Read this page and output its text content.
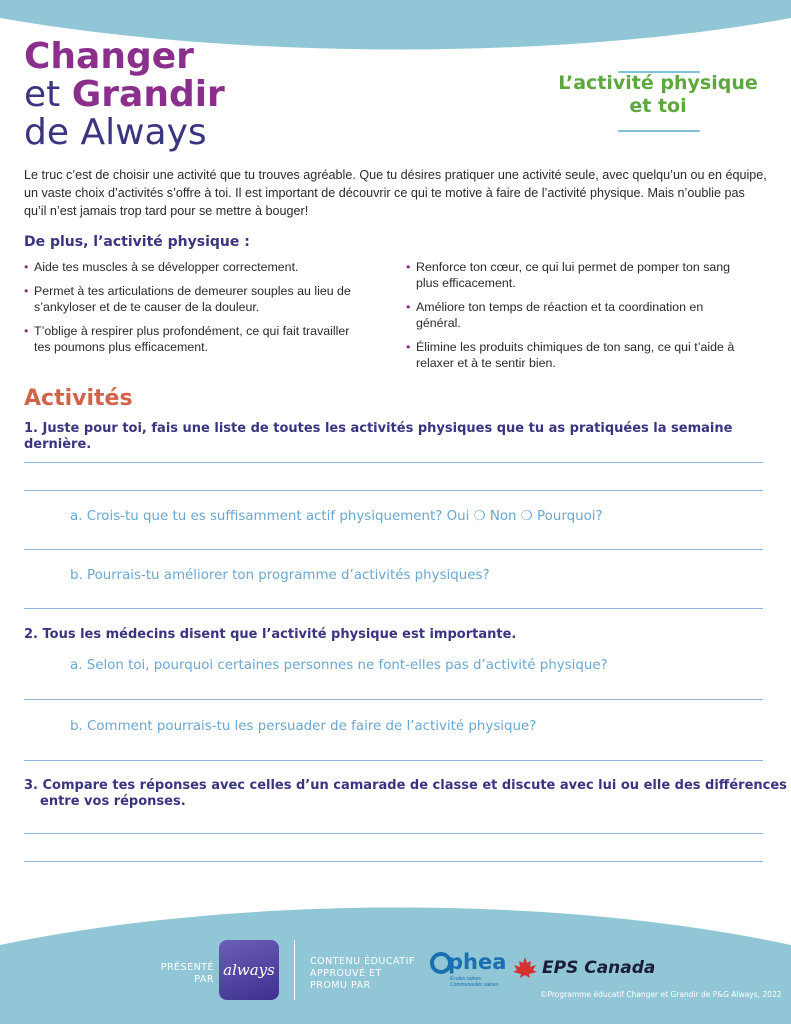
Changer
et Grandir
de Always
L’activité physique
et toi
Le truc c’est de choisir une activité que tu trouves agréable. Que tu désires pratiquer une activité seule, avec quelqu’un ou en équipe, un vaste choix d’activités s’offre à toi. Il est important de découvrir ce qui te motive à faire de l’activité physique. Mais n’oublie pas qu’il n’est jamais trop tard pour se mettre à bouger!
De plus, l’activité physique :
• Aide tes muscles à se développer correctement.
• Permet à tes articulations de demeurer souples au lieu de s’ankyloser et de te causer de la douleur.
• T’oblige à respirer plus profondément, ce qui fait travailler tes poumons plus efficacement.
• Renforce ton cœur, ce qui lui permet de pomper ton sang plus efficacement.
• Améliore ton temps de réaction et ta coordination en général.
• Élimine les produits chimiques de ton sang, ce qui t’aide à relaxer et à te sentir bien.
Activités
1. Juste pour toi, fais une liste de toutes les activités physiques que tu as pratiquées la semaine dernière.
a. Crois-tu que tu es suffisamment actif physiquement? Oui ❍ Non ❍ Pourquoi?
b. Pourrais-tu améliorer ton programme d’activités physiques?
2. Tous les médecins disent que l’activité physique est importante.
a. Selon toi, pourquoi certaines personnes ne font-elles pas d’activité physique?
b. Comment pourrais-tu les persuader de faire de l’activité physique?
3. Compare tes réponses avec celles d’un camarade de classe et discute avec lui ou elle des différences
entre vos réponses.
PRÉSENTÉ
PAR
always	CONTENU ÉDUCATIF
APPROUVÉ ET
PROMU PAR
phea
Écoles saines
Communautés saines
EPS Canada
©Programme éducatif Changer et Grandir de P&G Always, 2022
